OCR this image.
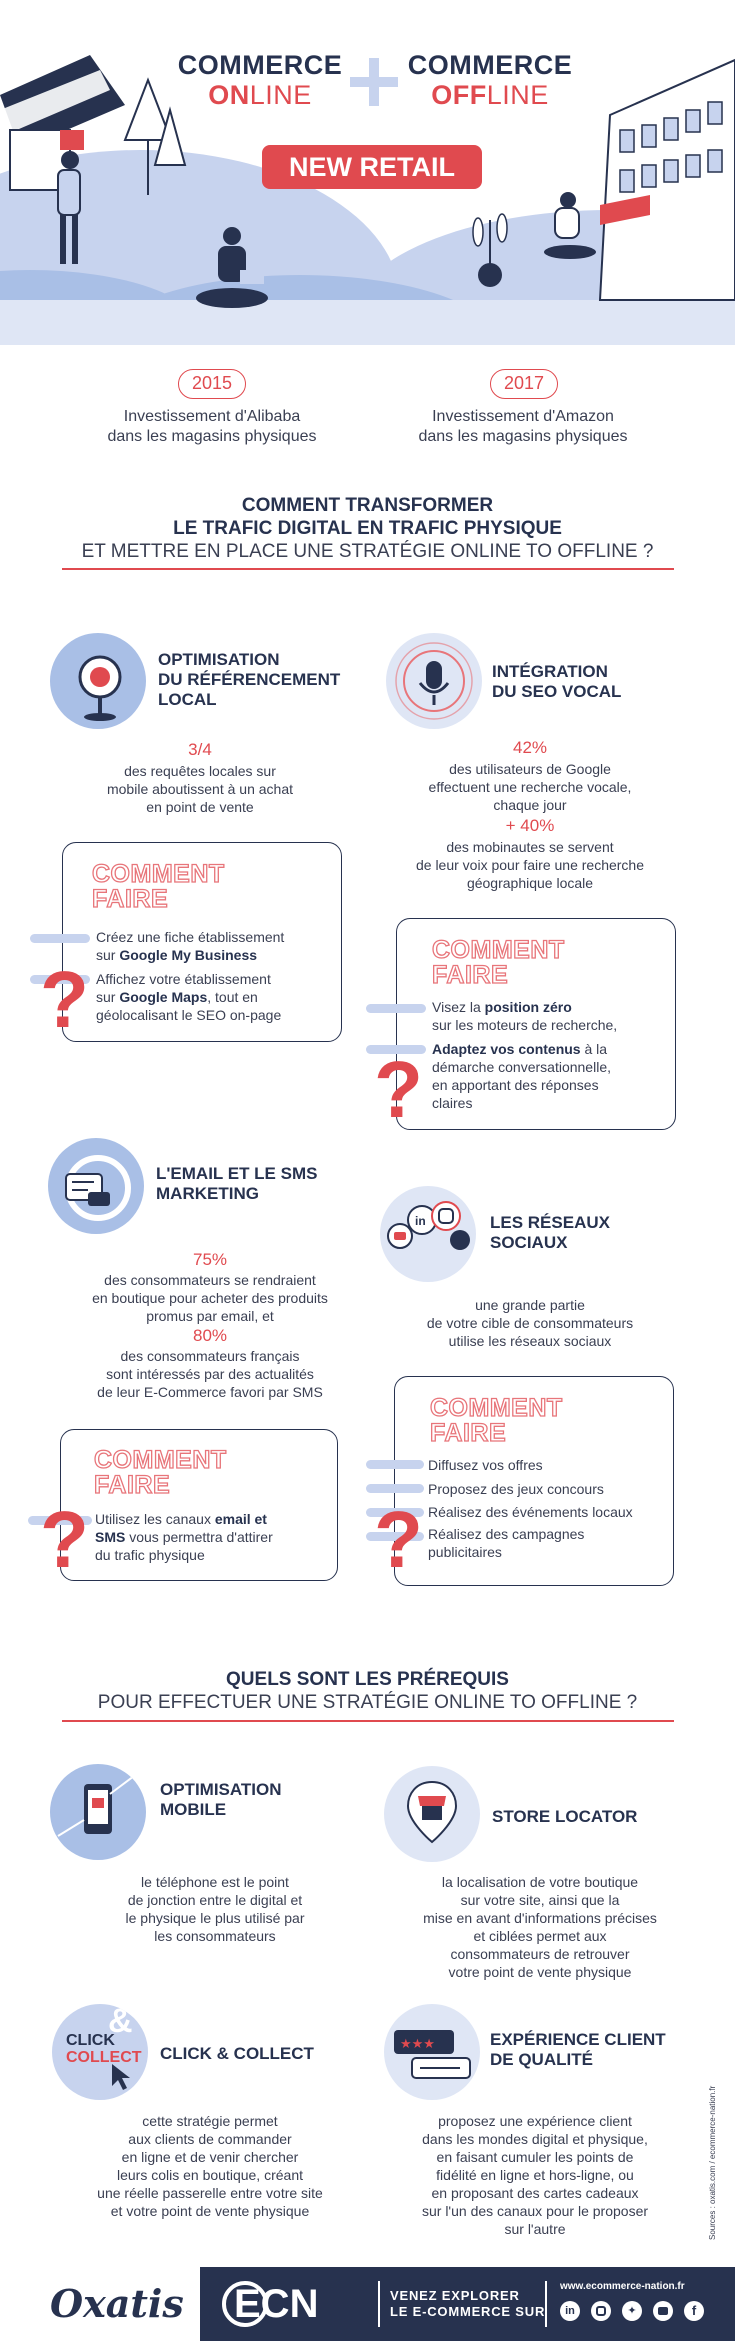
COMMERCE
ONLINE
COMMERCE
OFFLINE
NEW RETAIL
2015
Investissement d'Alibaba
dans les magasins physiques
2017
Investissement d'Amazon
dans les magasins physiques
COMMENT TRANSFORMER
LE TRAFIC DIGITAL EN TRAFIC PHYSIQUE
ET METTRE EN PLACE UNE STRATÉGIE ONLINE TO OFFLINE ?
OPTIMISATION
DU RÉFÉRENCEMENT
LOCAL
3/4
des requêtes locales sur
mobile aboutissent à un achat
en point de vente
COMMENT
FAIRE
Créez une fiche établissement
sur Google My Business
Affichez votre établissement
sur Google Maps, tout en
géolocalisant le SEO on-page
?
INTÉGRATION
DU SEO VOCAL
42%
des utilisateurs de Google
effectuent une recherche vocale,
chaque jour
+ 40%
des mobinautes se servent
de leur voix pour faire une recherche
géographique locale
COMMENT
FAIRE
Visez la position zéro
sur les moteurs de recherche,
Adaptez vos contenus à la
démarche conversationnelle,
en apportant des réponses
claires
?
L'EMAIL ET LE SMS
MARKETING
75%
des consommateurs se rendraient
en boutique pour acheter des produits
promus par email, et
80%
des consommateurs français
sont intéressés par des actualités
de leur E-Commerce favori par SMS
COMMENT
FAIRE
Utilisez les canaux email et
SMS vous permettra d'attirer
du trafic physique
?
in	LES RÉSEAUX
SOCIAUX
une grande partie
de votre cible de consommateurs
utilise les réseaux sociaux
COMMENT
FAIRE
Diffusez vos offres
Proposez des jeux concours
Réalisez des événements locaux
Réalisez des campagnes
publicitaires
?
QUELS SONT LES PRÉREQUIS
POUR EFFECTUER UNE STRATÉGIE ONLINE TO OFFLINE ?
OPTIMISATION
MOBILE
le téléphone est le point
de jonction entre le digital et
le physique le plus utilisé par
les consommateurs
STORE LOCATOR
la localisation de votre boutique
sur votre site, ainsi que la
mise en avant d'informations précises
et ciblées permet aux
consommateurs de retrouver
votre point de vente physique
CLICK
COLLECT
&
CLICK & COLLECT
cette stratégie permet
aux clients de commander
en ligne et de venir chercher
leurs colis en boutique, créant
une réelle passerelle entre votre site
et votre point de vente physique
★★★	EXPÉRIENCE CLIENT
DE QUALITÉ
proposez une expérience client
dans les mondes digital et physique,
en faisant cumuler les points de
fidélité en ligne et hors-ligne, ou
en proposant des cartes cadeaux
sur l'un des canaux pour le proposer
sur l'autre	Sources : oxatis.com / ecommerce-nation.fr
Oxatis ECN	VENEZ EXPLORER
LE E-COMMERCE SUR
www.ecommerce-nation.fr
in	✦	f
